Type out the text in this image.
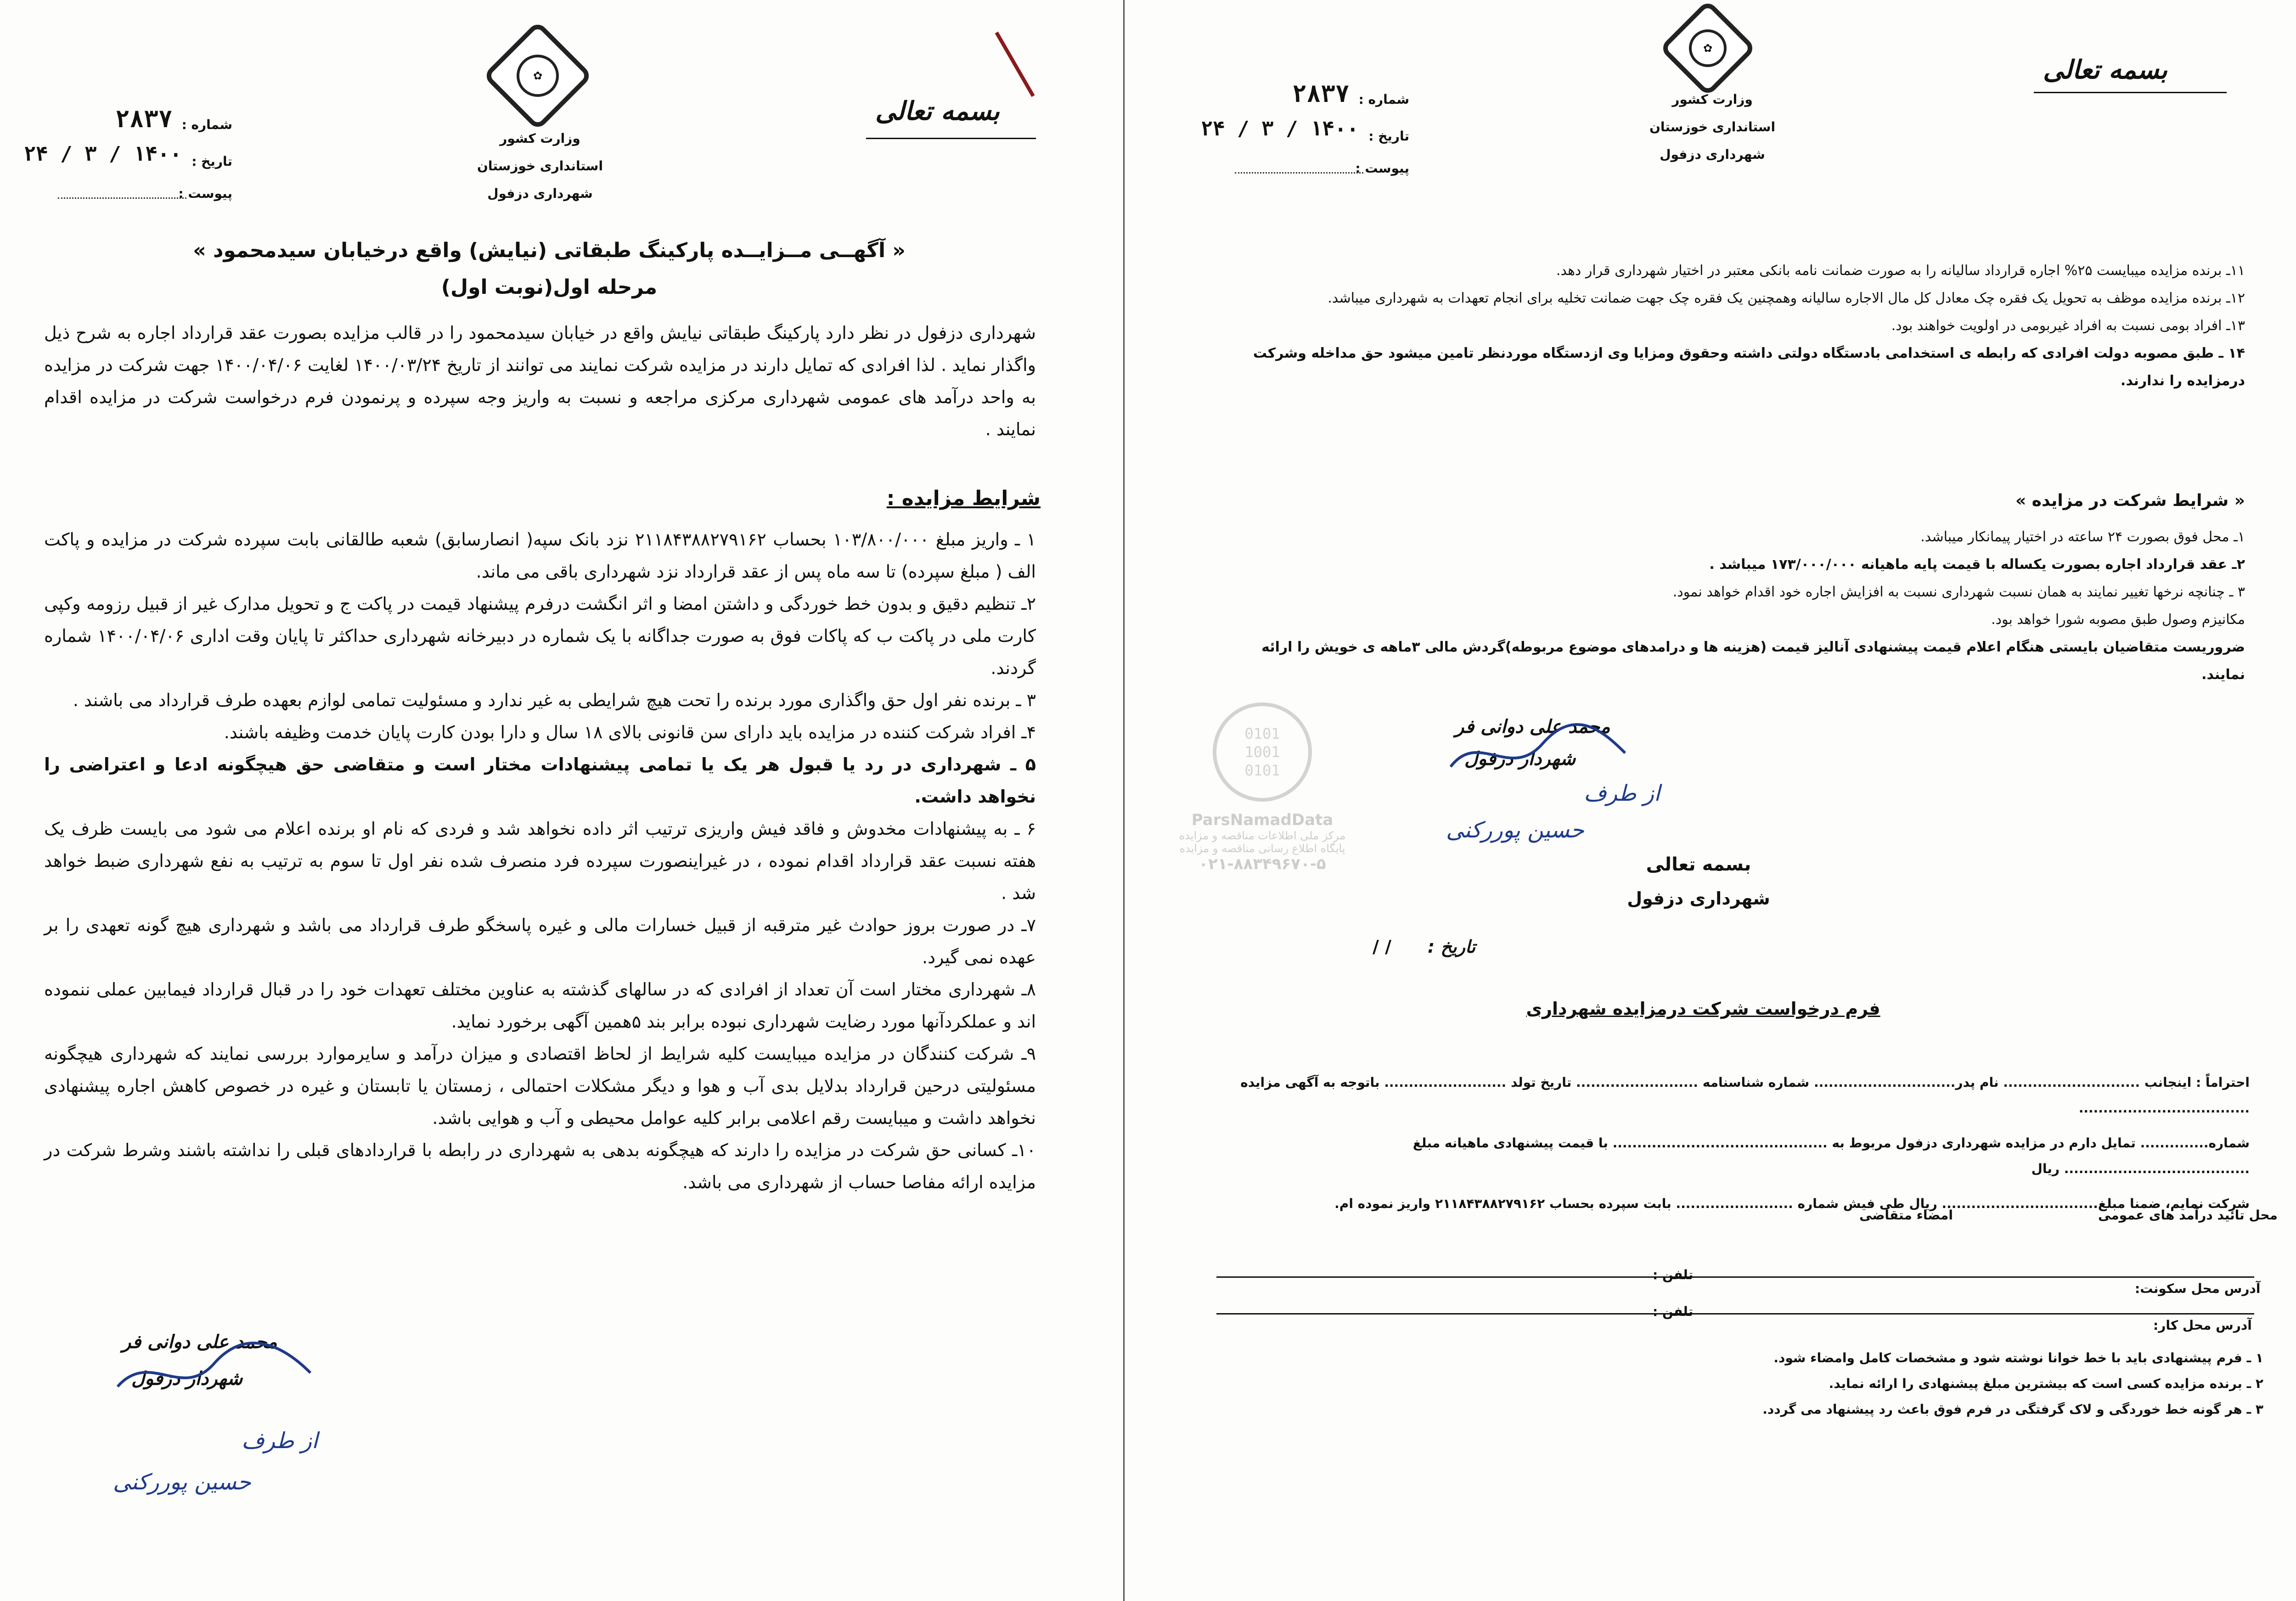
✿
وزارت کشور
استانداری خوزستان
شهرداری دزفول
شماره :
۲۸۳۷
تاریخ :
۱۴۰۰ / ۳ / ۲۴
پیوست :
بسمه تعالی
« آگهــی مــزایــده پارکینگ طبقاتی (نیایش) واقع درخیابان سیدمحمود »
مرحله اول(نوبت اول)
شهرداری دزفول در نظر دارد پارکینگ طبقاتی نیایش واقع در خیابان سیدمحمود را در قالب مزایده بصورت عقد قرارداد اجاره به شرح ذیل واگذار نماید . لذا افرادی که تمایل دارند در مزایده شرکت نمایند می توانند از تاریخ ۱۴۰۰/۰۳/۲۴ لغایت ۱۴۰۰/۰۴/۰۶ جهت شرکت در مزایده به واحد درآمد های عمومی شهرداری مرکزی مراجعه و نسبت به واریز وجه سپرده و پرنمودن فرم درخواست شرکت در مزایده اقدام نمایند .
شرایط مزایده :
۱ ـ واریز مبلغ ۱۰۳/۸۰۰/۰۰۰ بحساب ۲۱۱۸۴۳۸۸۲۷۹۱۶۲ نزد بانک سپه( انصارسابق) شعبه طالقانی بابت سپرده شرکت در مزایده و پاکت الف ( مبلغ سپرده) تا سه ماه پس از عقد قرارداد نزد شهرداری باقی می ماند.
۲ـ تنظیم دقیق و بدون خط خوردگی و داشتن امضا و اثر انگشت درفرم پیشنهاد قیمت در پاکت ج و تحویل مدارک غیر از قبیل رزومه وکپی کارت ملی در پاکت ب که پاکات فوق به صورت جداگانه با یک شماره در دبیرخانه شهرداری حداکثر تا پایان وقت اداری ۱۴۰۰/۰۴/۰۶ شماره گردند.
۳ ـ برنده نفر اول حق واگذاری مورد برنده را تحت هیچ شرایطی به غیر ندارد و مسئولیت تمامی لوازم بعهده طرف قرارداد می باشند .
۴ـ افراد شرکت کننده در مزایده باید دارای سن قانونی بالای ۱۸ سال و دارا بودن کارت پایان خدمت وظیفه باشند.
۵ ـ شهرداری در رد یا قبول هر یک یا تمامی پیشنهادات مختار است و متقاضی حق هیچگونه ادعا و اعتراضی را نخواهد داشت.
۶ ـ به پیشنهادات مخدوش و فاقد فیش واریزی ترتیب اثر داده نخواهد شد و فردی که نام او برنده اعلام می شود می بایست ظرف یک هفته نسبت عقد قرارداد اقدام نموده ، در غیراینصورت سپرده فرد منصرف شده نفر اول تا سوم به ترتیب به نفع شهرداری ضبط خواهد شد .
۷ـ در صورت بروز حوادث غیر مترقبه از قبیل خسارات مالی و غیره پاسخگو طرف قرارداد می باشد و شهرداری هیچ گونه تعهدی را بر عهده نمی گیرد.
۸ـ شهرداری مختار است آن تعداد از افرادی که در سالهای گذشته به عناوین مختلف تعهدات خود را در قبال قرارداد فیمابین عملی ننموده اند و عملکردآنها مورد رضایت شهرداری نبوده برابر بند ۵همین آگهی برخورد نماید.
۹ـ شرکت کنندگان در مزایده میبایست کلیه شرایط از لحاظ اقتصادی و میزان درآمد و سایرموارد بررسی نمایند که شهرداری هیچگونه مسئولیتی درحین قرارداد بدلایل بدی آب و هوا و دیگر مشکلات احتمالی ، زمستان یا تابستان و غیره در خصوص کاهش اجاره پیشنهادی نخواهد داشت و میبایست رقم اعلامی برابر کلیه عوامل محیطی و آب و هوایی باشد.
۱۰ـ کسانی حق شرکت در مزایده را دارند که هیچگونه بدهی به شهرداری در رابطه با قراردادهای قبلی را نداشته باشند وشرط شرکت در مزایده ارائه مفاصا حساب از شهرداری می باشد.
محمد علی دوانی فر
شهردار دزفول
از طرف
حسین پوررکنی
✿
وزارت کشور
استانداری خوزستان
شهرداری دزفول
شماره :
۲۸۳۷
تاریخ :
۱۴۰۰ / ۳ / ۲۴
پیوست :
بسمه تعالی
۱۱ـ برنده مزایده میبایست ۲۵% اجاره قرارداد سالیانه را به صورت ضمانت نامه بانکی معتبر در اختیار شهرداری قرار دهد.
۱۲ـ برنده مزایده موظف به تحویل یک فقره چک معادل کل مال الاجاره سالیانه وهمچنین یک فقره چک جهت ضمانت تخلیه برای انجام تعهدات به شهرداری میباشد.
۱۳ـ افراد بومی نسبت به افراد غیربومی در اولویت خواهند بود.
۱۴ ـ طبق مصوبه دولت افرادی که رابطه ی استخدامی بادستگاه دولتی داشته وحقوق ومزایا وی ازدستگاه موردنظر تامین میشود حق مداخله وشرکت درمزایده را ندارند.
« شرایط شرکت در مزایده »
۱ـ محل فوق بصورت ۲۴ ساعته در اختیار پیمانکار میباشد.
۲ـ عقد قرارداد اجاره بصورت یکساله با قیمت پایه ماهیانه ۱۷۳/۰۰۰/۰۰۰ میباشد .
۳ ـ چنانچه نرخها تغییر نمایند به همان نسبت شهرداری نسبت به افزایش اجاره خود اقدام خواهد نمود.
مکانیزم وصول طبق مصوبه شورا خواهد بود.
ضروریست متقاضیان بایستی هنگام اعلام قیمت پیشنهادی آنالیز قیمت (هزینه ها و درامدهای موضوع مربوطه)گردش مالی ۳ماهه ی خویش را ارائه نمایند.
محمد علی دوانی فر
شهردار دزفول
از طرف
حسین پوررکنی
0101 1001 0101
ParsNamadData
مرکز ملی اطلاعات مناقصه و مزایده
پایگاه اطلاع رسانی مناقصه و مزایده
۰۲۱-۸۸۳۴۹۶۷۰-۵	بسمه تعالی
شهرداری دزفول
تاریخ :
/ /
فرم درخواست شرکت درمزایده شهرداری
احتراماً : اینجانب ............................ نام پدر............................. شماره شناسنامه ......................... تاریخ تولد ......................... باتوجه به آگهی مزایده ...................................
شماره.............. تمایل دارم در مزایده شهرداری دزفول مربوط به ............................................ با قیمت پیشنهادی ماهیانه مبلغ ...................................... ریال
شرکت نمایم، ضمنا مبلغ................................ ریال طی فیش شماره ........................ بابت سپرده بحساب ۲۱۱۸۴۳۸۸۲۷۹۱۶۲ واریز نموده ام.
امضاء متقاضی	محل تائید درآمد های عمومی
آدرس محل سکونت:
تلفن :
آدرس محل کار:
تلفن :
۱ ـ فرم پیشنهادی باید با خط خوانا نوشته شود و مشخصات کامل وامضاء شود.
۲ ـ برنده مزایده کسی است که بیشترین مبلغ پیشنهادی را ارائه نماید.
۳ ـ هر گونه خط خوردگی و لاک گرفتگی در فرم فوق باعث رد پیشنهاد می گردد.
